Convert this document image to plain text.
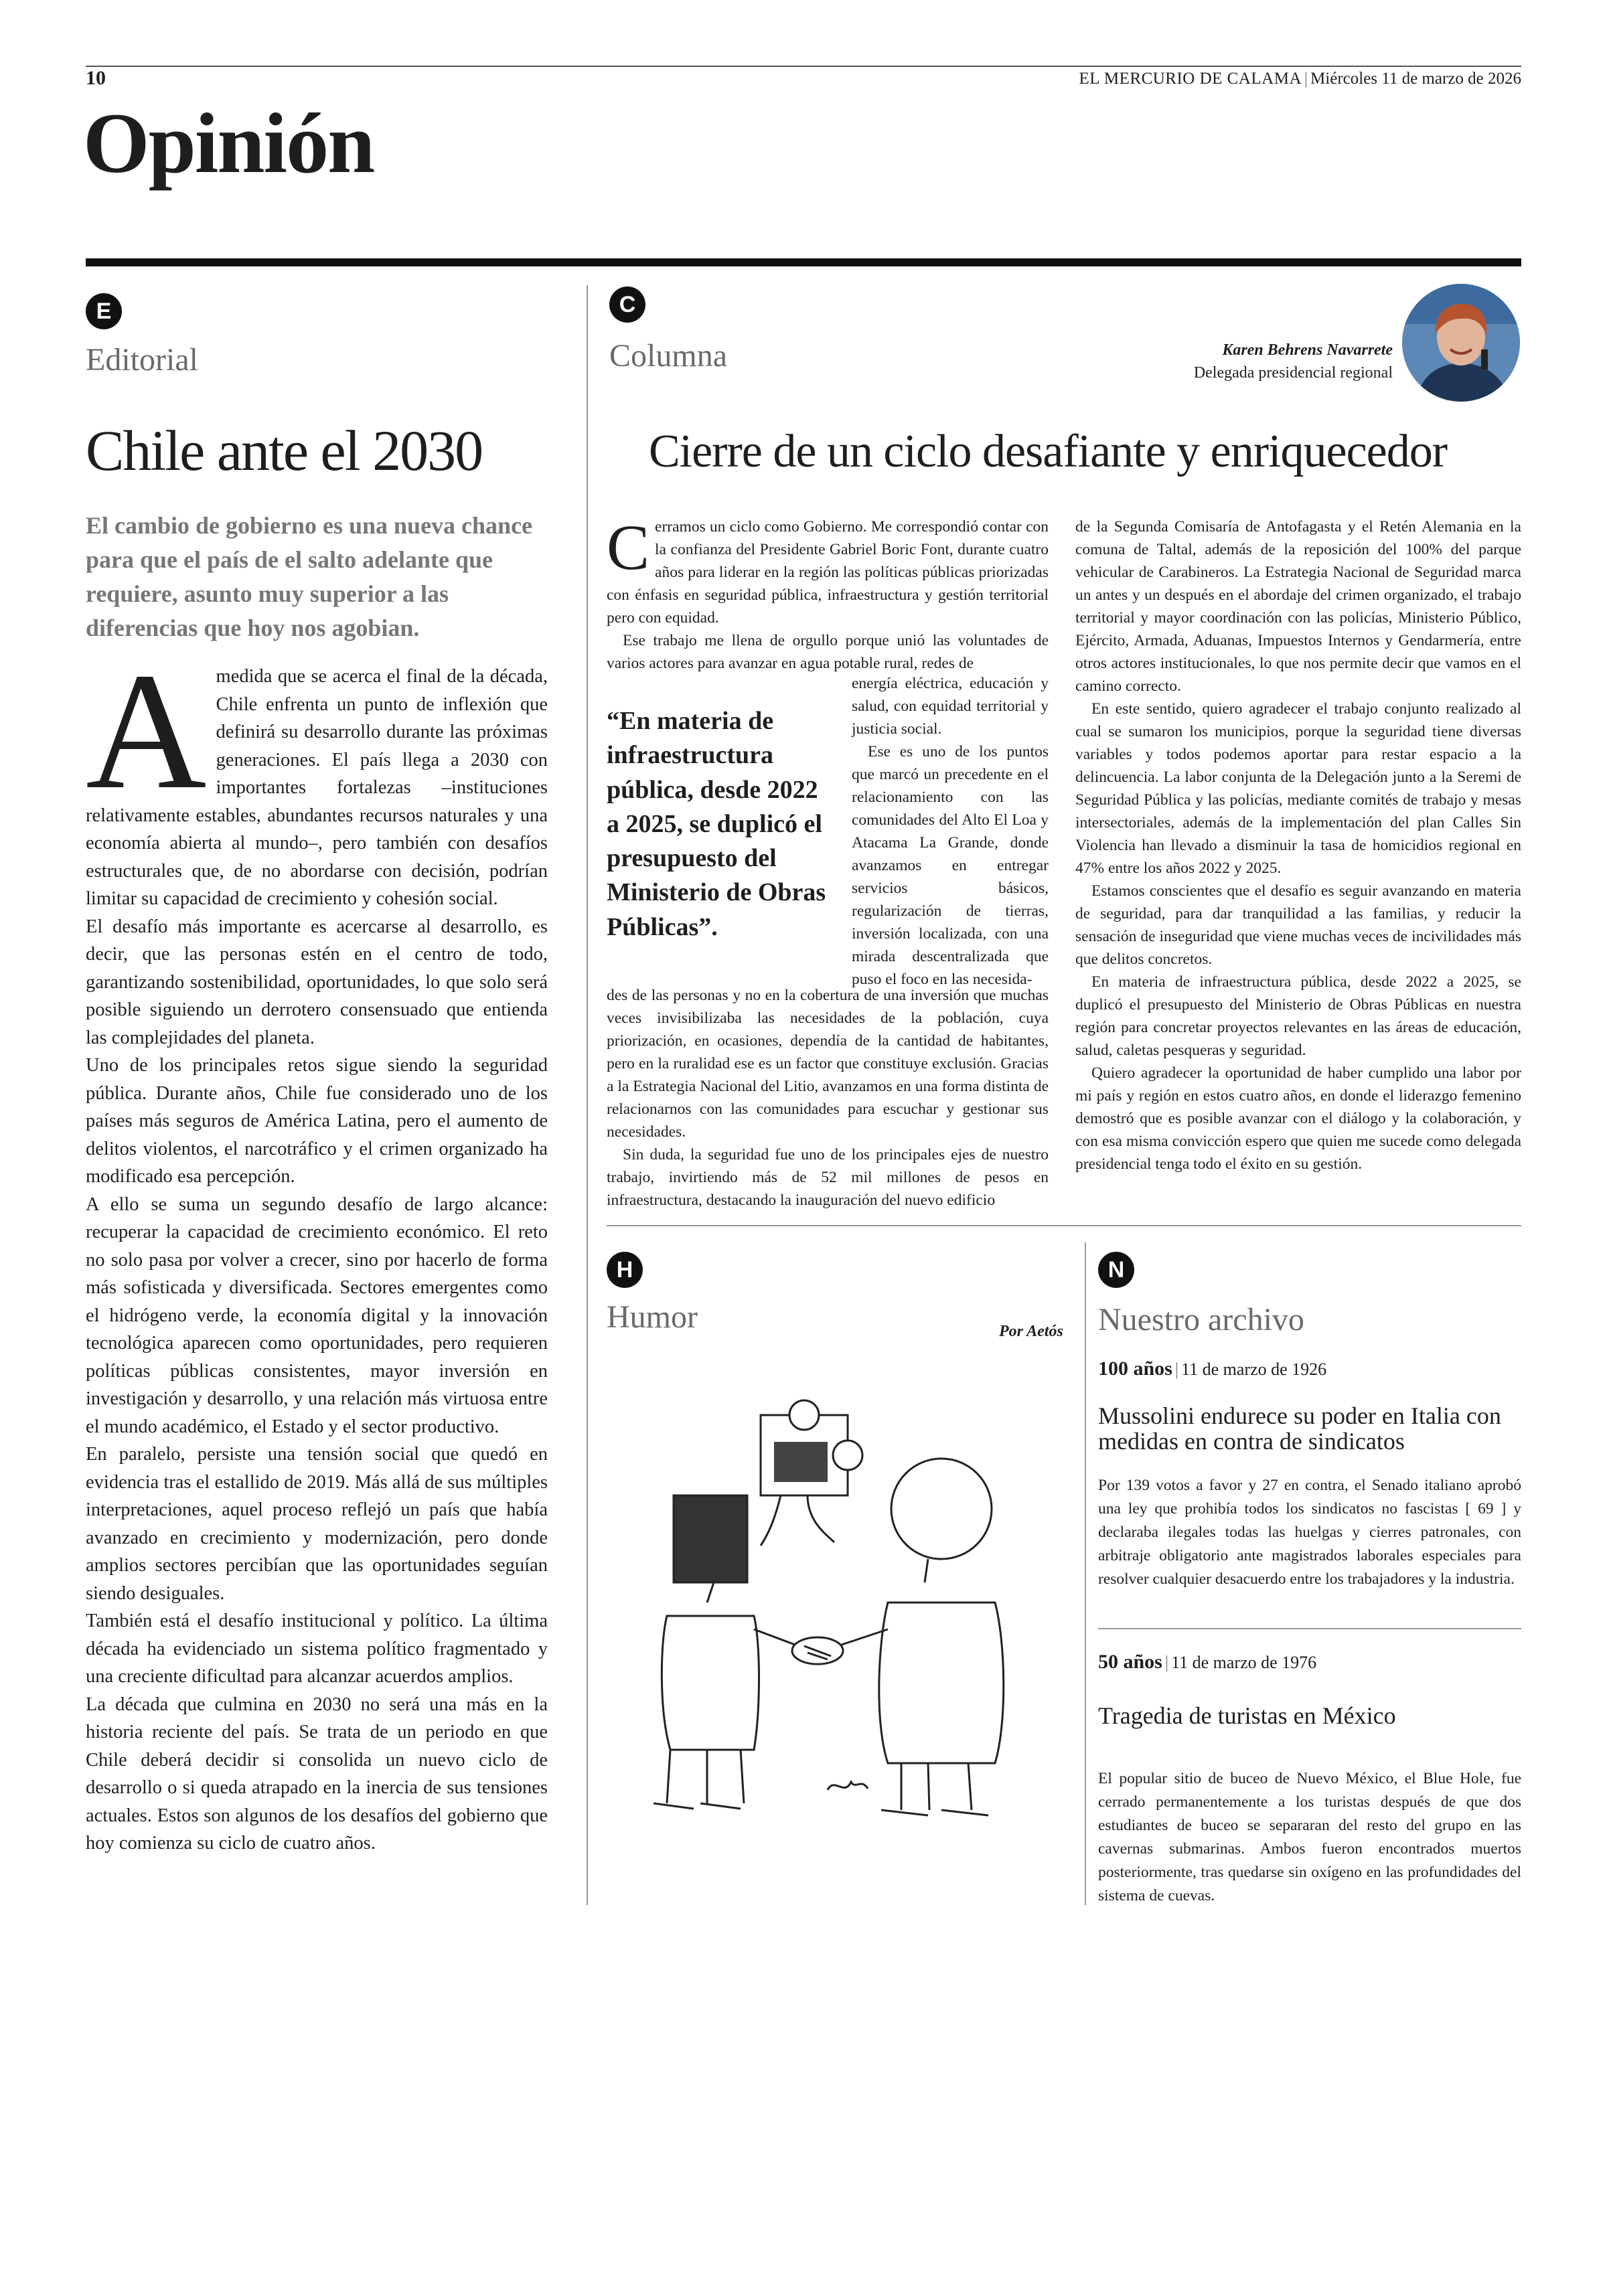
10	EL MERCURIO DE CALAMA | Miércoles 11 de marzo de 2026
Opinión
E
Editorial
Chile ante el 2030
El cambio de gobierno es una nueva chance para que el país de el salto adelante que requiere, asunto muy superior a las diferencias que hoy nos agobian.

Amedida que se acerca el final de la década, Chile enfrenta un punto de inflexión que definirá su desarrollo durante las próximas generaciones. El país llega a 2030 con importantes fortalezas –instituciones relativamente estables, abundantes recursos naturales y una economía abierta al mundo–, pero también con desafíos estructurales que, de no abordarse con decisión, podrían limitar su capacidad de crecimiento y cohesión social.

El desafío más importante es acercarse al desarrollo, es decir, que las personas estén en el centro de todo, garantizando sostenibilidad, oportunidades, lo que solo será posible siguiendo un derrotero consensuado que entienda las complejidades del planeta.

Uno de los principales retos sigue siendo la seguridad pública. Durante años, Chile fue considerado uno de los países más seguros de América Latina, pero el aumento de delitos violentos, el narcotráfico y el crimen organizado ha modificado esa percepción.

A ello se suma un segundo desafío de largo alcance: recuperar la capacidad de crecimiento económico. El reto no solo pasa por volver a crecer, sino por hacerlo de forma más sofisticada y diversificada. Sectores emergentes como el hidrógeno verde, la economía digital y la innovación tecnológica aparecen como oportunidades, pero requieren políticas públicas consistentes, mayor inversión en investigación y desarrollo, y una relación más virtuosa entre el mundo académico, el Estado y el sector productivo.

En paralelo, persiste una tensión social que quedó en evidencia tras el estallido de 2019. Más allá de sus múltiples interpretaciones, aquel proceso reflejó un país que había avanzado en crecimiento y modernización, pero donde amplios sectores percibían que las oportunidades seguían siendo desiguales.

También está el desafío institucional y político. La última década ha evidenciado un sistema político fragmentado y una creciente dificultad para alcanzar acuerdos amplios.

La década que culmina en 2030 no será una más en la historia reciente del país. Se trata de un periodo en que Chile deberá decidir si consolida un nuevo ciclo de desarrollo o si queda atrapado en la inercia de sus tensiones actuales. Estos son algunos de los desafíos del gobierno que hoy comienza su ciclo de cuatro años.

C
Columna	Karen Behrens Navarrete
Delegada presidencial regional
Cierre de un ciclo desafiante y enriquecedor

Cerramos un ciclo como Gobierno. Me correspondió contar con la confianza del Presidente Gabriel Boric Font, durante cuatro años para liderar en la región las políticas públicas priorizadas con énfasis en seguridad pública, infraestructura y gestión territorial pero con equidad.

Ese trabajo me llena de orgullo porque unió las voluntades de varios actores para avanzar en agua potable rural, redes de

“En materia de infraestructura pública, desde 2022 a 2025, se duplicó el presupuesto del Ministerio de Obras Públicas”.

energía eléctrica, educación y salud, con equidad territorial y justicia social.

Ese es uno de los puntos que marcó un precedente en el relacionamiento con las comunidades del Alto El Loa y Atacama La Grande, donde avanzamos en entregar servicios básicos, regularización de tierras, inversión localizada, con una mirada descentralizada que puso el foco en las necesida-

des de las personas y no en la cobertura de una inversión que muchas veces invisibilizaba las necesidades de la población, cuya priorización, en ocasiones, dependía de la cantidad de habitantes, pero en la ruralidad ese es un factor que constituye exclusión. Gracias a la Estrategia Nacional del Litio, avanzamos en una forma distinta de relacionarnos con las comunidades para escuchar y gestionar sus necesidades.

Sin duda, la seguridad fue uno de los principales ejes de nuestro trabajo, invirtiendo más de 52 mil millones de pesos en infraestructura, destacando la inauguración del nuevo edificio

de la Segunda Comisaría de Antofagasta y el Retén Alemania en la comuna de Taltal, además de la reposición del 100% del parque vehicular de Carabineros. La Estrategia Nacional de Seguridad marca un antes y un después en el abordaje del crimen organizado, el trabajo territorial y mayor coordinación con las policías, Ministerio Público, Ejército, Armada, Aduanas, Impuestos Internos y Gendarmería, entre otros actores institucionales, lo que nos permite decir que vamos en el camino correcto.

En este sentido, quiero agradecer el trabajo conjunto realizado al cual se sumaron los municipios, porque la seguridad tiene diversas variables y todos podemos aportar para restar espacio a la delincuencia. La labor conjunta de la Delegación junto a la Seremi de Seguridad Pública y las policías, mediante comités de trabajo y mesas intersectoriales, además de la implementación del plan Calles Sin Violencia han llevado a disminuir la tasa de homicidios regional en 47% entre los años 2022 y 2025.

Estamos conscientes que el desafío es seguir avanzando en materia de seguridad, para dar tranquilidad a las familias, y reducir la sensación de inseguridad que viene muchas veces de incivilidades más que delitos concretos.

En materia de infraestructura pública, desde 2022 a 2025, se duplicó el presupuesto del Ministerio de Obras Públicas en nuestra región para concretar proyectos relevantes en las áreas de educación, salud, caletas pesqueras y seguridad.

Quiero agradecer la oportunidad de haber cumplido una labor por mi país y región en estos cuatro años, en donde el liderazgo femenino demostró que es posible avanzar con el diálogo y la colaboración, y con esa misma convicción espero que quien me sucede como delegada presidencial tenga todo el éxito en su gestión.

H
Humor	Por Aetós
N
Nuestro archivo
100 años | 11 de marzo de 1926
Mussolini endurece su poder en Italia con medidas en contra de sindicatos
Por 139 votos a favor y 27 en contra, el Senado italiano aprobó una ley que prohibía todos los sindicatos no fascistas [ 69 ] y declaraba ilegales todas las huelgas y cierres patronales, con arbitraje obligatorio ante magistrados laborales especiales para resolver cualquier desacuerdo entre los trabajadores y la industria.
50 años | 11 de marzo de 1976
Tragedia de turistas en México
El popular sitio de buceo de Nuevo México, el Blue Hole, fue cerrado permanentemente a los turistas después de que dos estudiantes de buceo se separaran del resto del grupo en las cavernas submarinas. Ambos fueron encontrados muertos posteriormente, tras quedarse sin oxígeno en las profundidades del sistema de cuevas.
